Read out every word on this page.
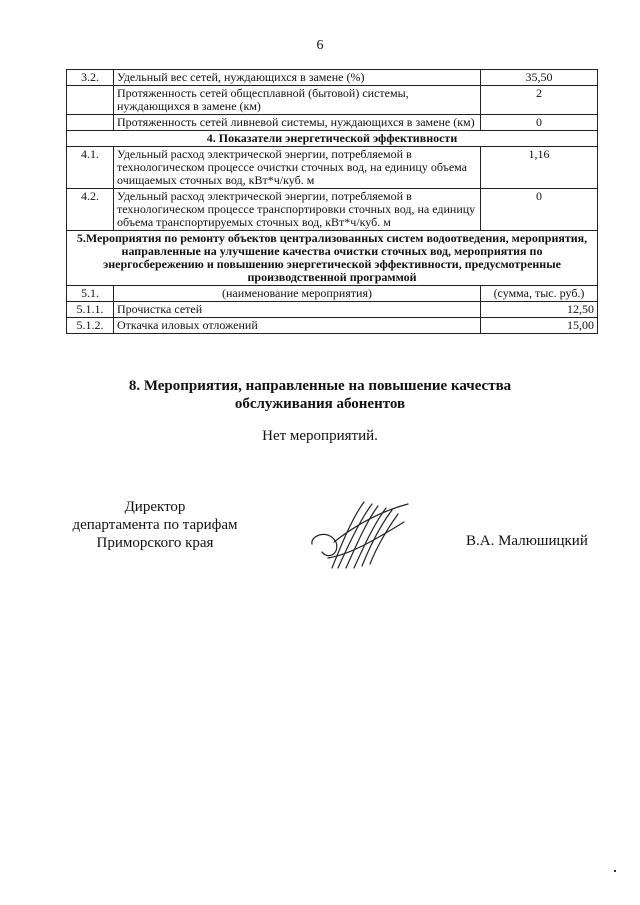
6
3.2.	Удельный вес сетей, нуждающихся в замене (%)	35,50
	Протяженность сетей общесплавной (бытовой) системы, нуждающихся в замене (км)	2
	Протяженность сетей ливневой системы, нуждающихся в замене (км)	0
4. Показатели энергетической эффективности		
4.1.	Удельный расход электрической энергии, потребляемой в технологическом процессе очистки сточных вод, на единицу объема очищаемых сточных вод, кВт*ч/куб. м	1,16
4.2.	Удельный расход электрической энергии, потребляемой в технологическом процессе транспортировки сточных вод, на единицу объема транспортируемых сточных вод, кВт*ч/куб. м	0
5.Мероприятия по ремонту объектов централизованных систем водоотведения, мероприятия, направленные на улучшение качества очистки сточных вод, мероприятия по энергосбережению и повышению энергетической эффективности, предусмотренные производственной программой		
5.1.	(наименование мероприятия)	(сумма, тыс. руб.)
5.1.1.	Прочистка сетей	12,50
5.1.2.	Откачка иловых отложений	15,00
8. Мероприятия, направленные на повышение качества
обслуживания абонентов
Нет мероприятий.
Директор
департамента по тарифам
Приморского края	В.А. Малюшицкий
